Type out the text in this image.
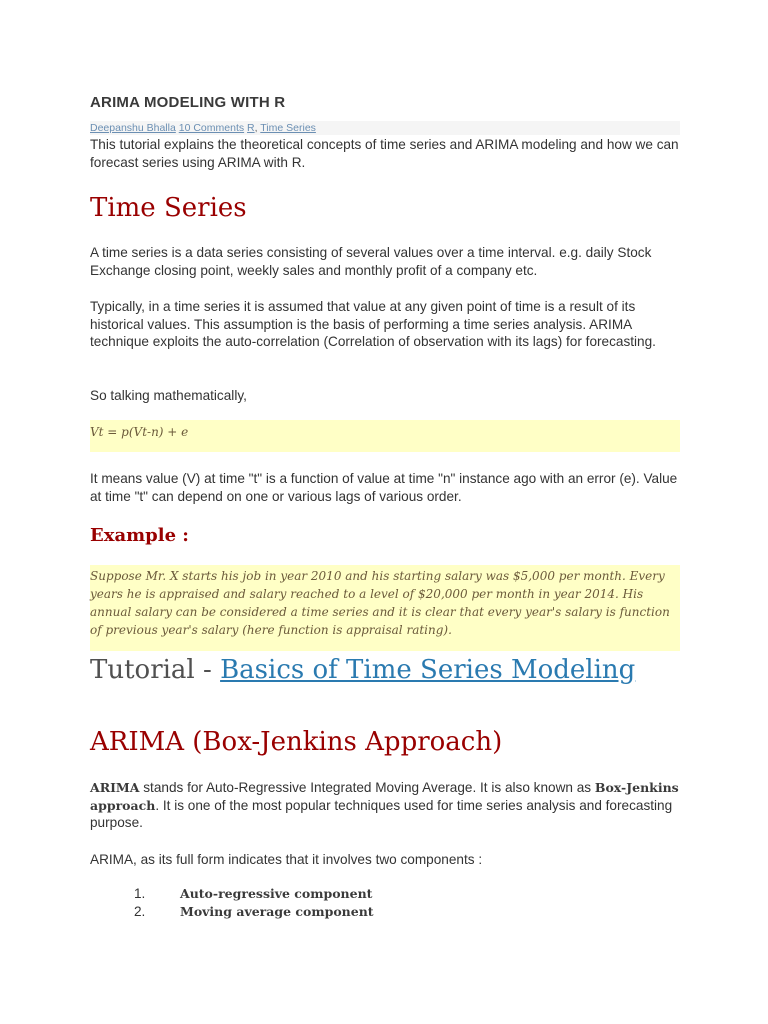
ARIMA MODELING WITH R
Deepanshu Bhalla 10 Comments R, Time Series

This tutorial explains the theoretical concepts of time series and ARIMA modeling and how we can forecast series using ARIMA with R.

Time Series

A time series is a data series consisting of several values over a time interval. e.g. daily Stock Exchange closing point, weekly sales and monthly profit of a company etc.

Typically, in a time series it is assumed that value at any given point of time is a result of its historical values. This assumption is the basis of performing a time series analysis. ARIMA technique exploits the auto-correlation (Correlation of observation with its lags) for forecasting.

So talking mathematically,

Vt = p(Vt-n) + e

It means value (V) at time "t" is a function of value at time "n" instance ago with an error (e). Value at time "t" can depend on one or various lags of various order.

Example :

Suppose Mr. X starts his job in year 2010 and his starting salary was $5,000 per month. Every years he is appraised and salary reached to a level of $20,000 per month in year 2014. His annual salary can be considered a time series and it is clear that every year's salary is function of previous year's salary (here function is appraisal rating).

Tutorial - Basics of Time Series Modeling
ARIMA (Box-Jenkins Approach)

ARIMA stands for Auto-Regressive Integrated Moving Average. It is also known as Box-Jenkins approach. It is one of the most popular techniques used for time series analysis and forecasting purpose.

ARIMA, as its full form indicates that it involves two components :

1.	Auto-regressive component
2.	Moving average component
